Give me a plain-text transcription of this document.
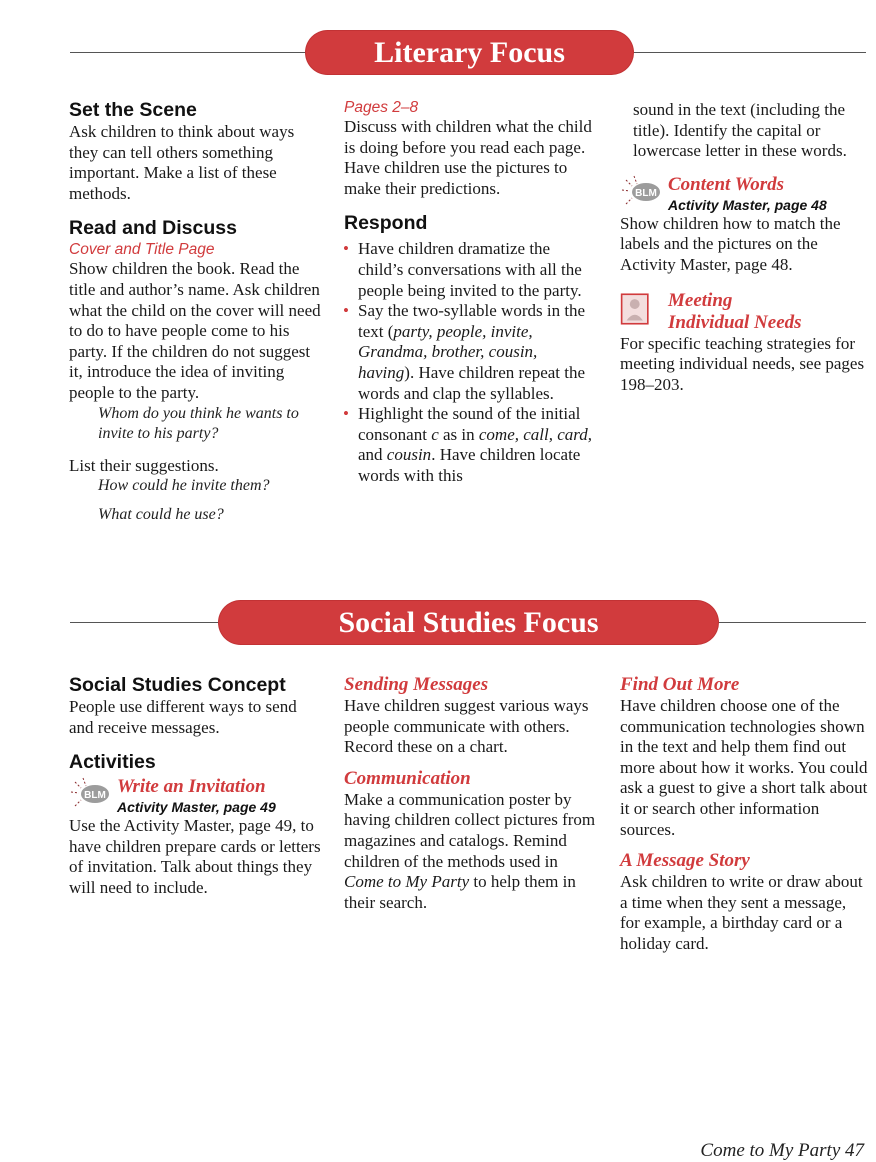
Literary Focus
Set the Scene

Ask children to think about ways they can tell others something important. Make a list of these methods.

Read and Discuss
Cover and Title Page

Show children the book. Read the title and author’s name. Ask children what the child on the cover will need to do to have people come to his party. If the children do not suggest it, introduce the idea of inviting people to the party.

Whom do you think he wants to invite to his party?

List their suggestions.

How could he invite them?

What could he use?

Pages 2–8

Discuss with children what the child is doing before you read each page. Have children use the pictures to make their predictions.

Respond

• Have children dramatize the child’s conversations with all the people being invited to the party.

• Say the two-syllable words in the text (party, people, invite, Grandma, brother, cousin, having). Have children repeat the words and clap the syllables.

• Highlight the sound of the initial consonant c as in come, call, card, and cousin. Have children locate words with this

sound in the text (including the title). Identify the capital or lowercase letter in these words.

BLM Content Words
Activity Master, page 48

Show children how to match the labels and the pictures on the Activity Master, page 48.

Meeting
Individual Needs

For specific teaching strategies for meeting individual needs, see pages 198–203.

Social Studies Focus
Social Studies Concept

People use different ways to send and receive messages.

Activities
BLM Write an Invitation
Activity Master, page 49

Use the Activity Master, page 49, to have children prepare cards or letters of invitation. Talk about things they will need to include.

Sending Messages

Have children suggest various ways people communicate with others. Record these on a chart.

Communication

Make a communication poster by having children collect pictures from magazines and catalogs. Remind children of the methods used in Come to My Party to help them in their search.

Find Out More

Have children choose one of the communication technologies shown in the text and help them find out more about how it works. You could ask a guest to give a short talk about it or search other information sources.

A Message Story

Ask children to write or draw about a time when they sent a message, for example, a birthday card or a holiday card.

Come to My Party 47
